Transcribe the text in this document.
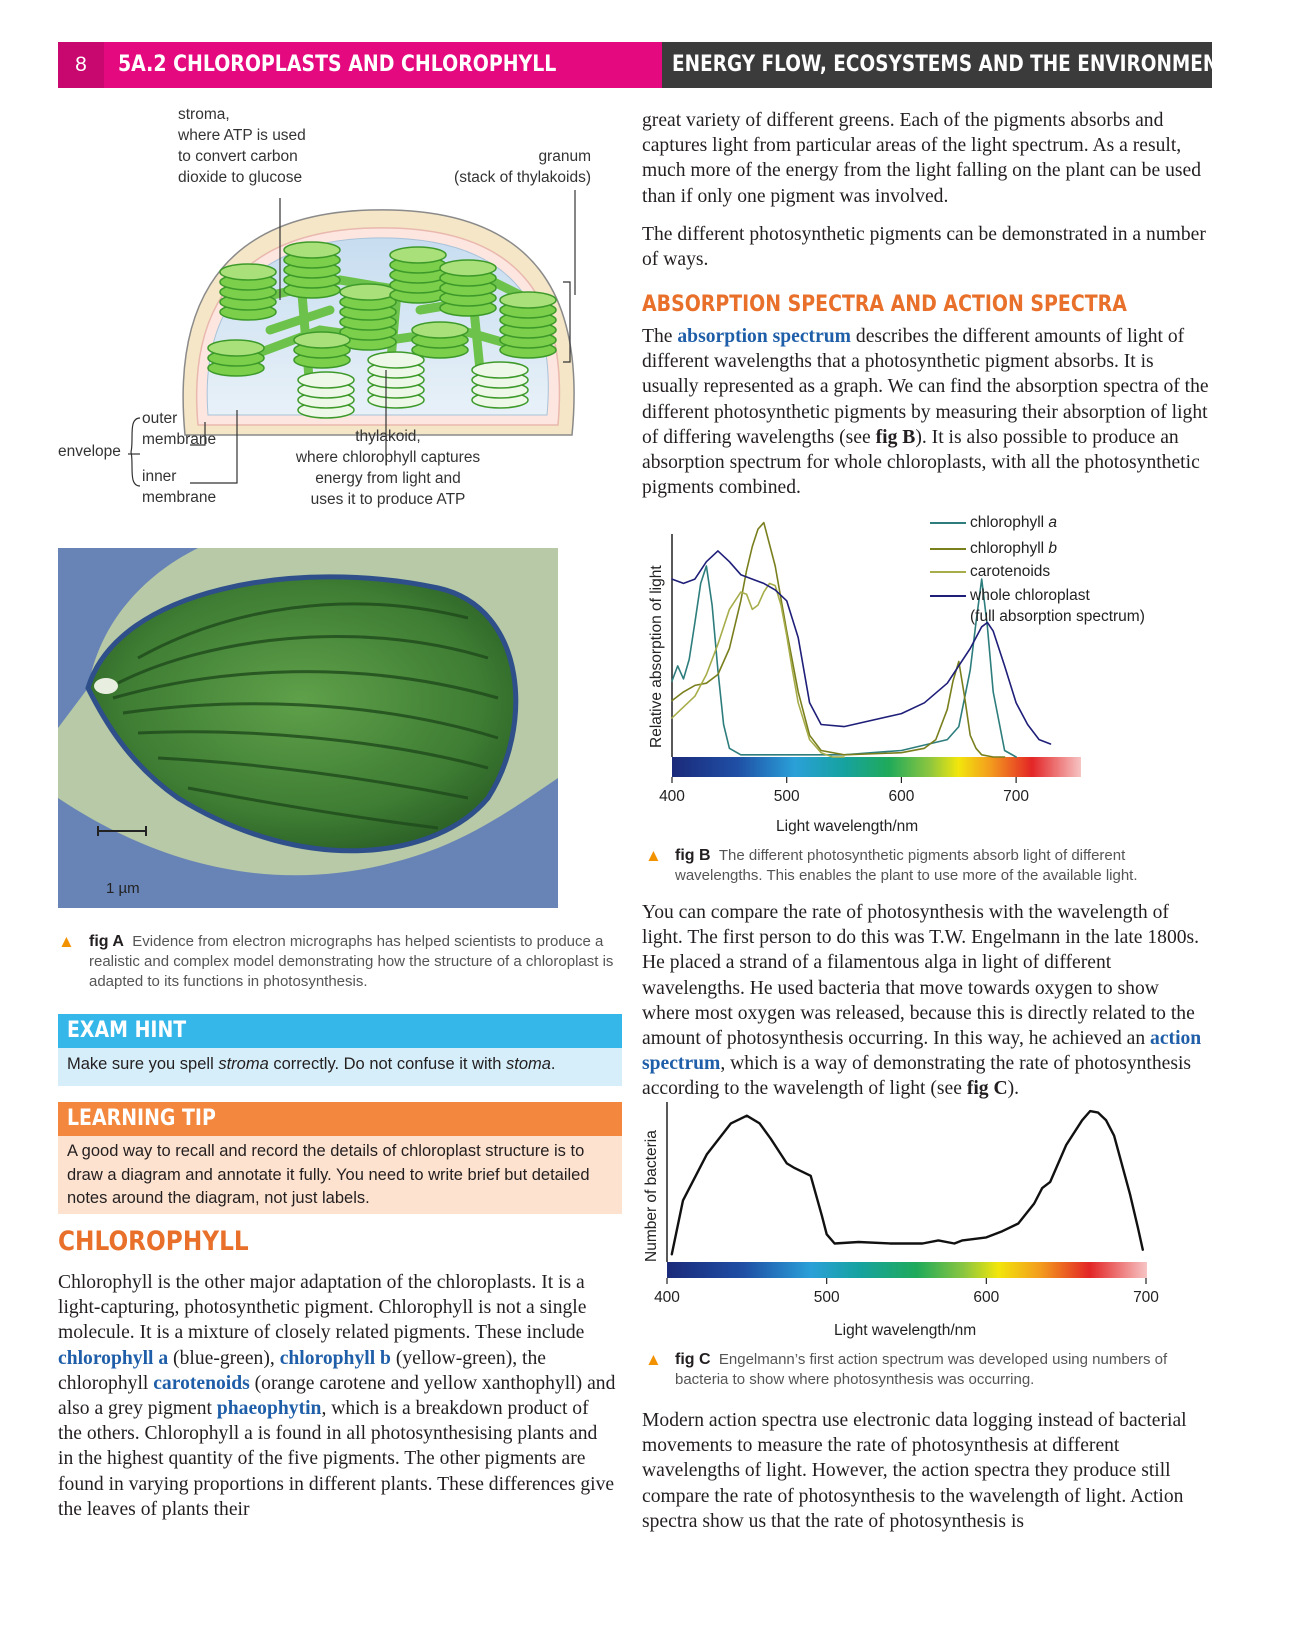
8	5A.2 CHLOROPLASTS AND CHLOROPHYLL	ENERGY FLOW, ECOSYSTEMS AND THE ENVIRONMENT
stroma,
where ATP is used
to convert carbon
dioxide to glucose
granum
(stack of thylakoids)
outer
membrane
inner
membrane
envelope
thylakoid,
where chlorophyll captures
energy from light and
uses it to produce ATP
1 µm
▲ fig A Evidence from electron micrographs has helped scientists to produce a realistic and complex model demonstrating how the structure of a chloroplast is adapted to its functions in photosynthesis.
EXAM HINT
Make sure you spell stroma correctly. Do not confuse it with stoma.
LEARNING TIP
A good way to recall and record the details of chloroplast structure is to draw a diagram and annotate it fully. You need to write brief but detailed notes around the diagram, not just labels.
CHLOROPHYLL
Chlorophyll is the other major adaptation of the chloroplasts. It is a light-capturing, photosynthetic pigment. Chlorophyll is not a single molecule. It is a mixture of closely related pigments. These include chlorophyll a (blue-green), chlorophyll b (yellow-green), the chlorophyll carotenoids (orange carotene and yellow xanthophyll) and also a grey pigment phaeophytin, which is a breakdown product of the others. Chlorophyll a is found in all photosynthesising plants and in the highest quantity of the five pigments. The other pigments are found in varying proportions in different plants. These differences give the leaves of plants their
great variety of different greens. Each of the pigments absorbs and captures light from particular areas of the light spectrum. As a result, much more of the energy from the light falling on the plant can be used than if only one pigment was involved.
The different photosynthetic pigments can be demonstrated in a number of ways.
ABSORPTION SPECTRA AND ACTION SPECTRA
The absorption spectrum describes the different amounts of light of different wavelengths that a photosynthetic pigment absorbs. It is usually represented as a graph. We can find the absorption spectra of the different photosynthetic pigments by measuring their absorption of light of differing wavelengths (see fig B). It is also possible to produce an absorption spectrum for whole chloroplasts, with all the photosynthetic pigments combined.
400	500	600	700
Relative absorption of light
Light wavelength/nm
chlorophyll a
chlorophyll b
carotenoids
whole chloroplast
(full absorption spectrum)
▲ fig B The different photosynthetic pigments absorb light of different wavelengths. This enables the plant to use more of the available light.
You can compare the rate of photosynthesis with the wavelength of light. The first person to do this was T.W. Engelmann in the late 1800s. He placed a strand of a filamentous alga in light of different wavelengths. He used bacteria that move towards oxygen to show where most oxygen was released, because this is directly related to the amount of photosynthesis occurring. In this way, he achieved an action spectrum, which is a way of demonstrating the rate of photosynthesis according to the wavelength of light (see fig C).
400	500	600	700
Number of bacteria
Light wavelength/nm
▲ fig C Engelmann’s first action spectrum was developed using numbers of bacteria to show where photosynthesis was occurring.
Modern action spectra use electronic data logging instead of bacterial movements to measure the rate of photosynthesis at different wavelengths of light. However, the action spectra they produce still compare the rate of photosynthesis to the wavelength of light. Action spectra show us that the rate of photosynthesis is
